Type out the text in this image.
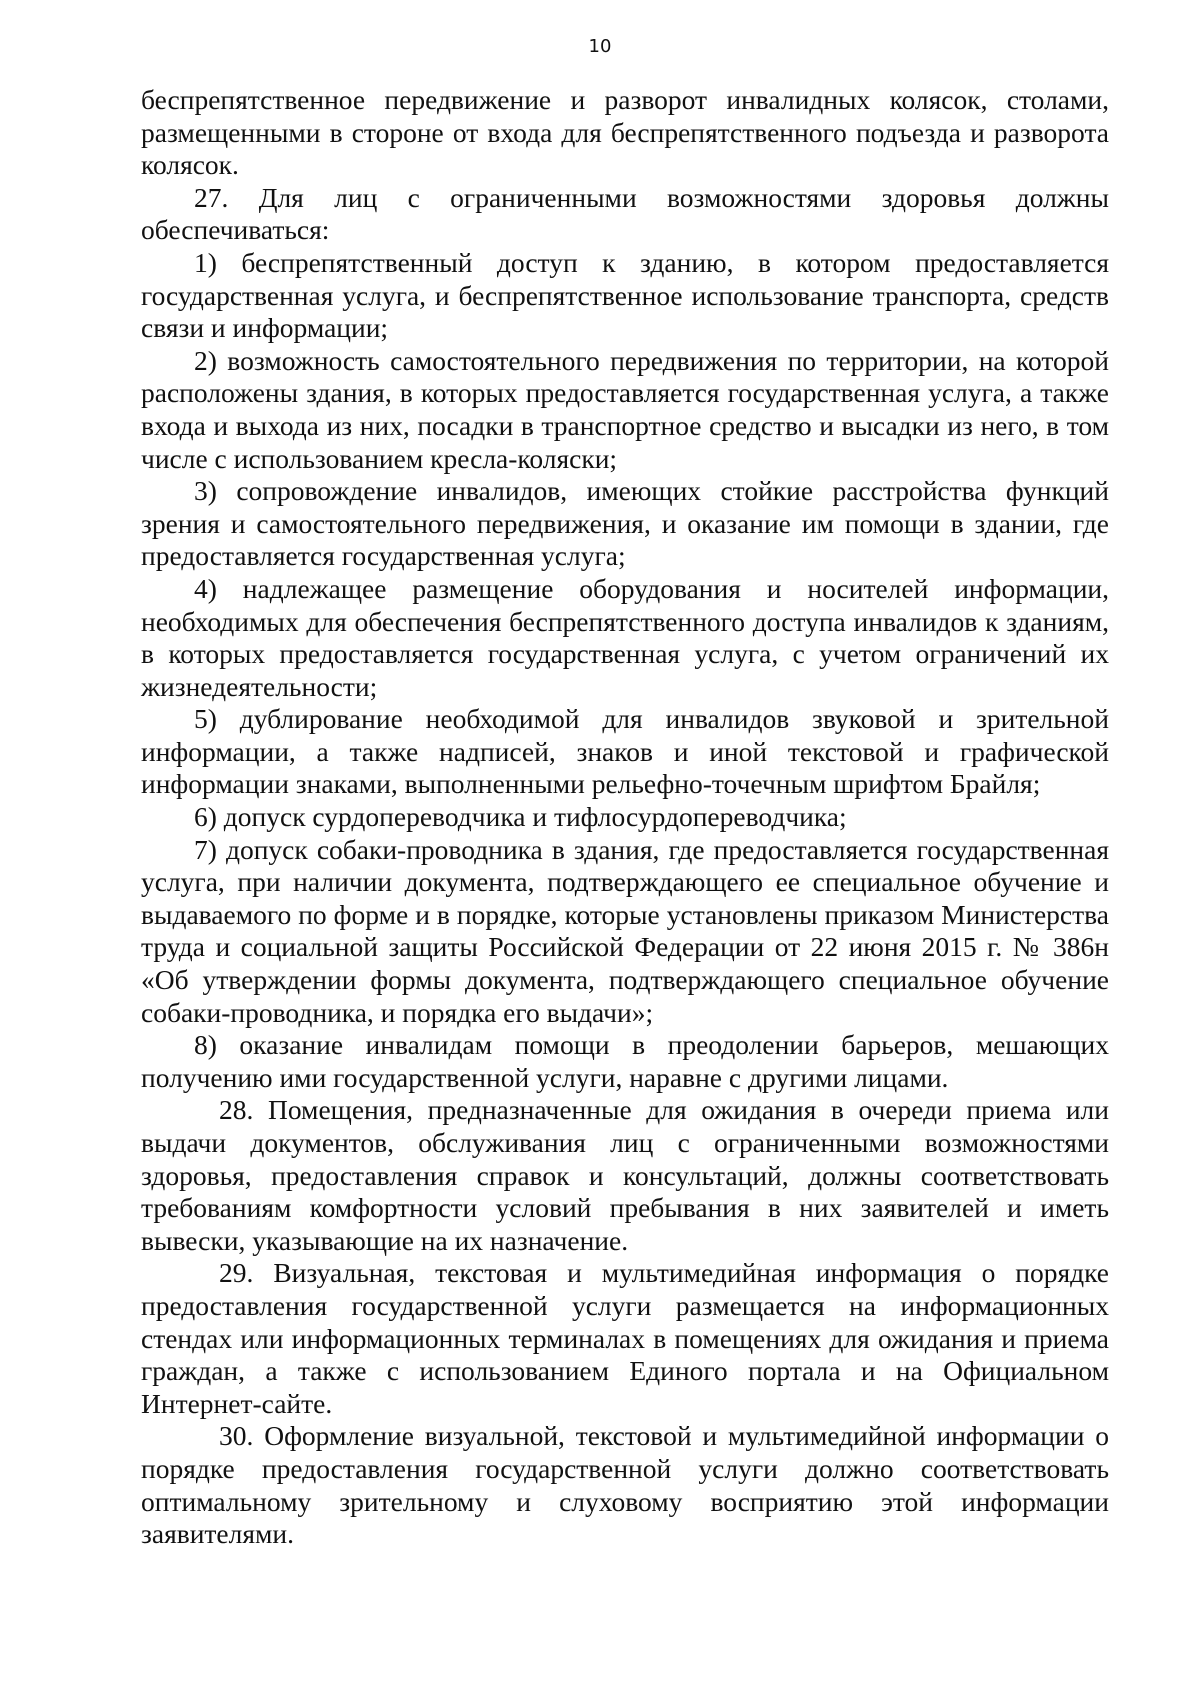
10

беспрепятственное передвижение и разворот инвалидных колясок, столами, размещенными в стороне от входа для беспрепятственного подъезда и разворота колясок.

27. Для лиц с ограниченными возможностями здоровья должны обеспечиваться:

1) беспрепятственный доступ к зданию, в котором предоставляется государственная услуга, и беспрепятственное использование транспорта, средств связи и информации;

2) возможность самостоятельного передвижения по территории, на которой расположены здания, в которых предоставляется государственная услуга, а также входа и выхода из них, посадки в транспортное средство и высадки из него, в том числе с использованием кресла-коляски;

3) сопровождение инвалидов, имеющих стойкие расстройства функций зрения и самостоятельного передвижения, и оказание им помощи в здании, где предоставляется государственная услуга;

4) надлежащее размещение оборудования и носителей информации, необходимых для обеспечения беспрепятственного доступа инвалидов к зданиям, в которых предоставляется государственная услуга, с учетом ограничений их жизнедеятельности;

5) дублирование необходимой для инвалидов звуковой и зрительной информации, а также надписей, знаков и иной текстовой и графической информации знаками, выполненными рельефно-точечным шрифтом Брайля;

6) допуск сурдопереводчика и тифлосурдопереводчика;

7) допуск собаки-проводника в здания, где предоставляется государственная услуга, при наличии документа, подтверждающего ее специальное обучение и выдаваемого по форме и в порядке, которые установлены приказом Министерства труда и социальной защиты Российской Федерации от 22 июня 2015 г. № 386н «Об утверждении формы документа, подтверждающего специальное обучение собаки-проводника, и порядка его выдачи»;

8) оказание инвалидам помощи в преодолении барьеров, мешающих получению ими государственной услуги, наравне с другими лицами.

28. Помещения, предназначенные для ожидания в очереди приема или выдачи документов, обслуживания лиц с ограниченными возможностями здоровья, предоставления справок и консультаций, должны соответствовать требованиям комфортности условий пребывания в них заявителей и иметь вывески, указывающие на их назначение.

29. Визуальная, текстовая и мультимедийная информация о порядке предоставления государственной услуги размещается на информационных стендах или информационных терминалах в помещениях для ожидания и приема граждан, а также с использованием Единого портала и на Официальном Интернет-сайте.

30. Оформление визуальной, текстовой и мультимедийной информации о порядке предоставления государственной услуги должно соответствовать оптимальному зрительному и слуховому восприятию этой информации заявителями.
